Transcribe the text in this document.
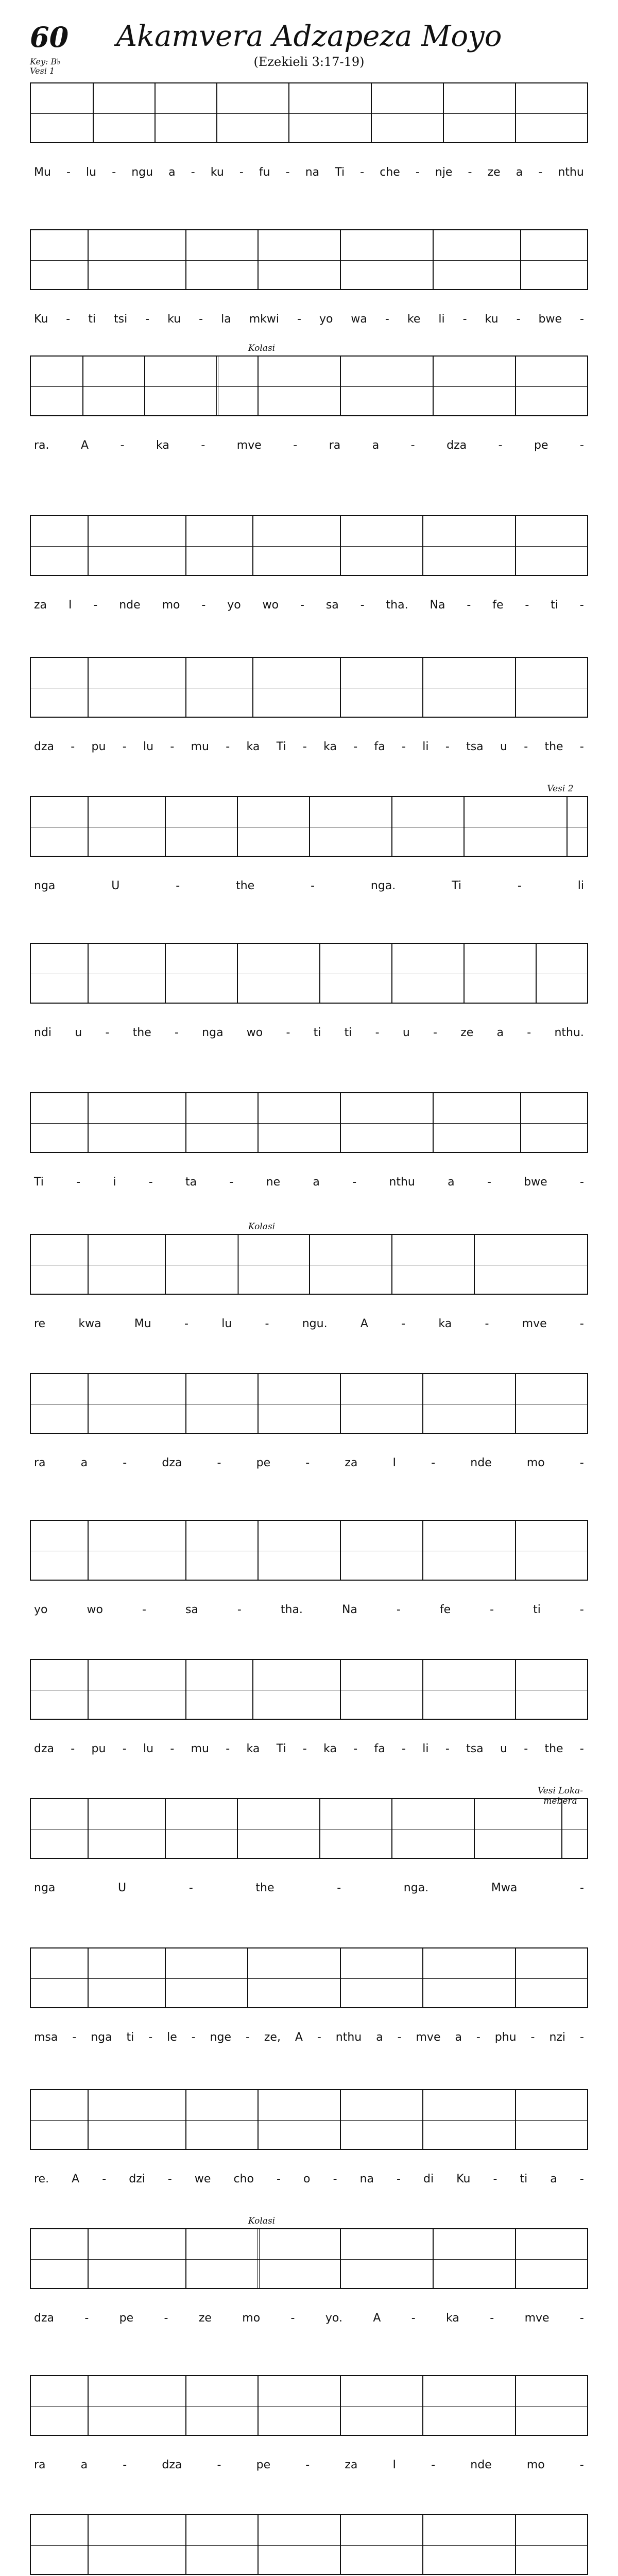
60
Key: B♭
Vesi 1
Akamvera Adzapeza Moyo
(Ezekieli 3:17-19)
Mu - lu - ngu a - ku - fu - na Ti - che - nje - ze a - nthu
Ku - ti tsi - ku - la mkwi - yo wa - ke li - ku - bwe -
Kolasi
ra.	A	-	ka	-	mve	-	ra	a	-	dza	-	pe	-
za I - nde mo - yo wo - sa - tha. Na - fe - ti -
dza - pu - lu - mu - ka Ti - ka - fa - li - tsa u - the -
Vesi 2
nga	U	-	the	-	nga.	Ti	-	li
ndi u - the - nga wo - ti ti - u - ze a - nthu.
Ti	-	i	-	ta	-	ne	a	-	nthu	a	-	bwe	-
Kolasi
re	kwa	Mu	-	lu	-	ngu.	A	-	ka	-	mve	-
ra	a	-	dza	-	pe	-	za	I	-	nde	mo	-
yo	wo	-	sa	-	tha.	Na	-	fe	-	ti	-
dza - pu - lu - mu - ka Ti - ka - fa - li - tsa u - the -
Vesi Loka-mebera
nga	U	-	the	-	nga.	Mwa	-
msa - nga ti - le - nge - ze, A - nthu a - mve a - phu - nzi -
re. A - dzi - we cho - o - na - di Ku - ti a -
Kolasi
dza	-	pe	-	ze	mo	-	yo.	A	-	ka	-	mve	-
ra	a	-	dza	-	pe	-	za	I	-	nde	mo	-
